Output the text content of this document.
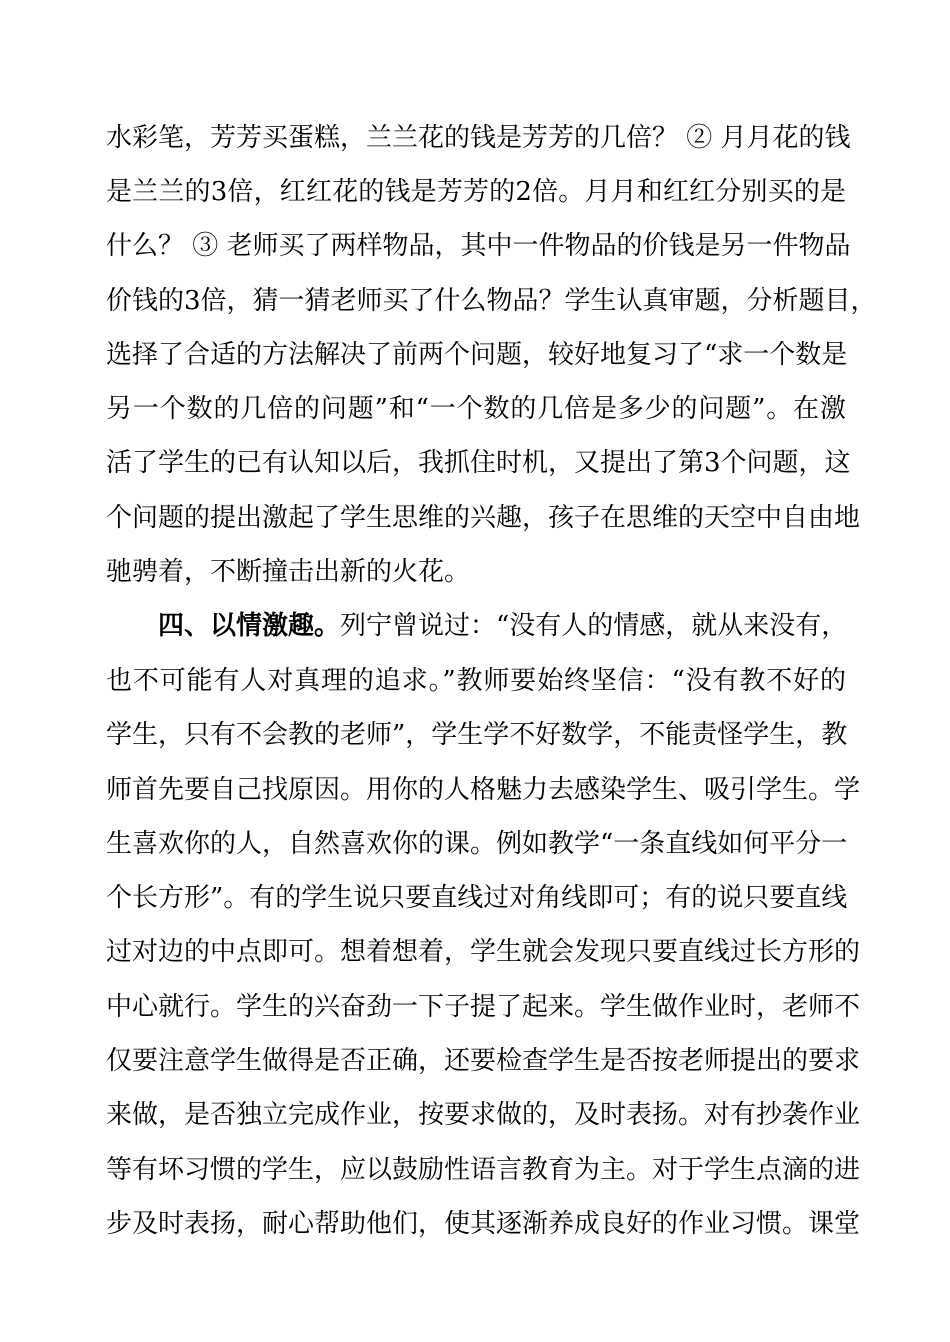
水彩笔，芳芳买蛋糕，兰兰花的钱是芳芳的几倍？ ② 月月花的钱
是兰兰的3倍，红红花的钱是芳芳的2倍。月月和红红分别买的是
什么？ ③ 老师买了两样物品，其中一件物品的价钱是另一件物品
价钱的3倍，猜一猜老师买了什么物品？学生认真审题，分析题目，
选择了合适的方法解决了前两个问题，较好地复习了“求一个数是
另一个数的几倍的问题”和“一个数的几倍是多少的问题”。在激
活了学生的已有认知以后，我抓住时机，又提出了第3个问题，这
个问题的提出激起了学生思维的兴趣，孩子在思维的天空中自由地
驰骋着，不断撞击出新的火花。
四、以情激趣。列宁曾说过：“没有人的情感，就从来没有，
也不可能有人对真理的追求。”教师要始终坚信：“没有教不好的
学生，只有不会教的老师”，学生学不好数学，不能责怪学生，教
师首先要自己找原因。用你的人格魅力去感染学生、吸引学生。学
生喜欢你的人，自然喜欢你的课。例如教学“一条直线如何平分一
个长方形”。有的学生说只要直线过对角线即可；有的说只要直线
过对边的中点即可。想着想着，学生就会发现只要直线过长方形的
中心就行。学生的兴奋劲一下子提了起来。学生做作业时，老师不
仅要注意学生做得是否正确，还要检查学生是否按老师提出的要求
来做，是否独立完成作业，按要求做的，及时表扬。对有抄袭作业
等有坏习惯的学生，应以鼓励性语言教育为主。对于学生点滴的进
步及时表扬，耐心帮助他们，使其逐渐养成良好的作业习惯。课堂
